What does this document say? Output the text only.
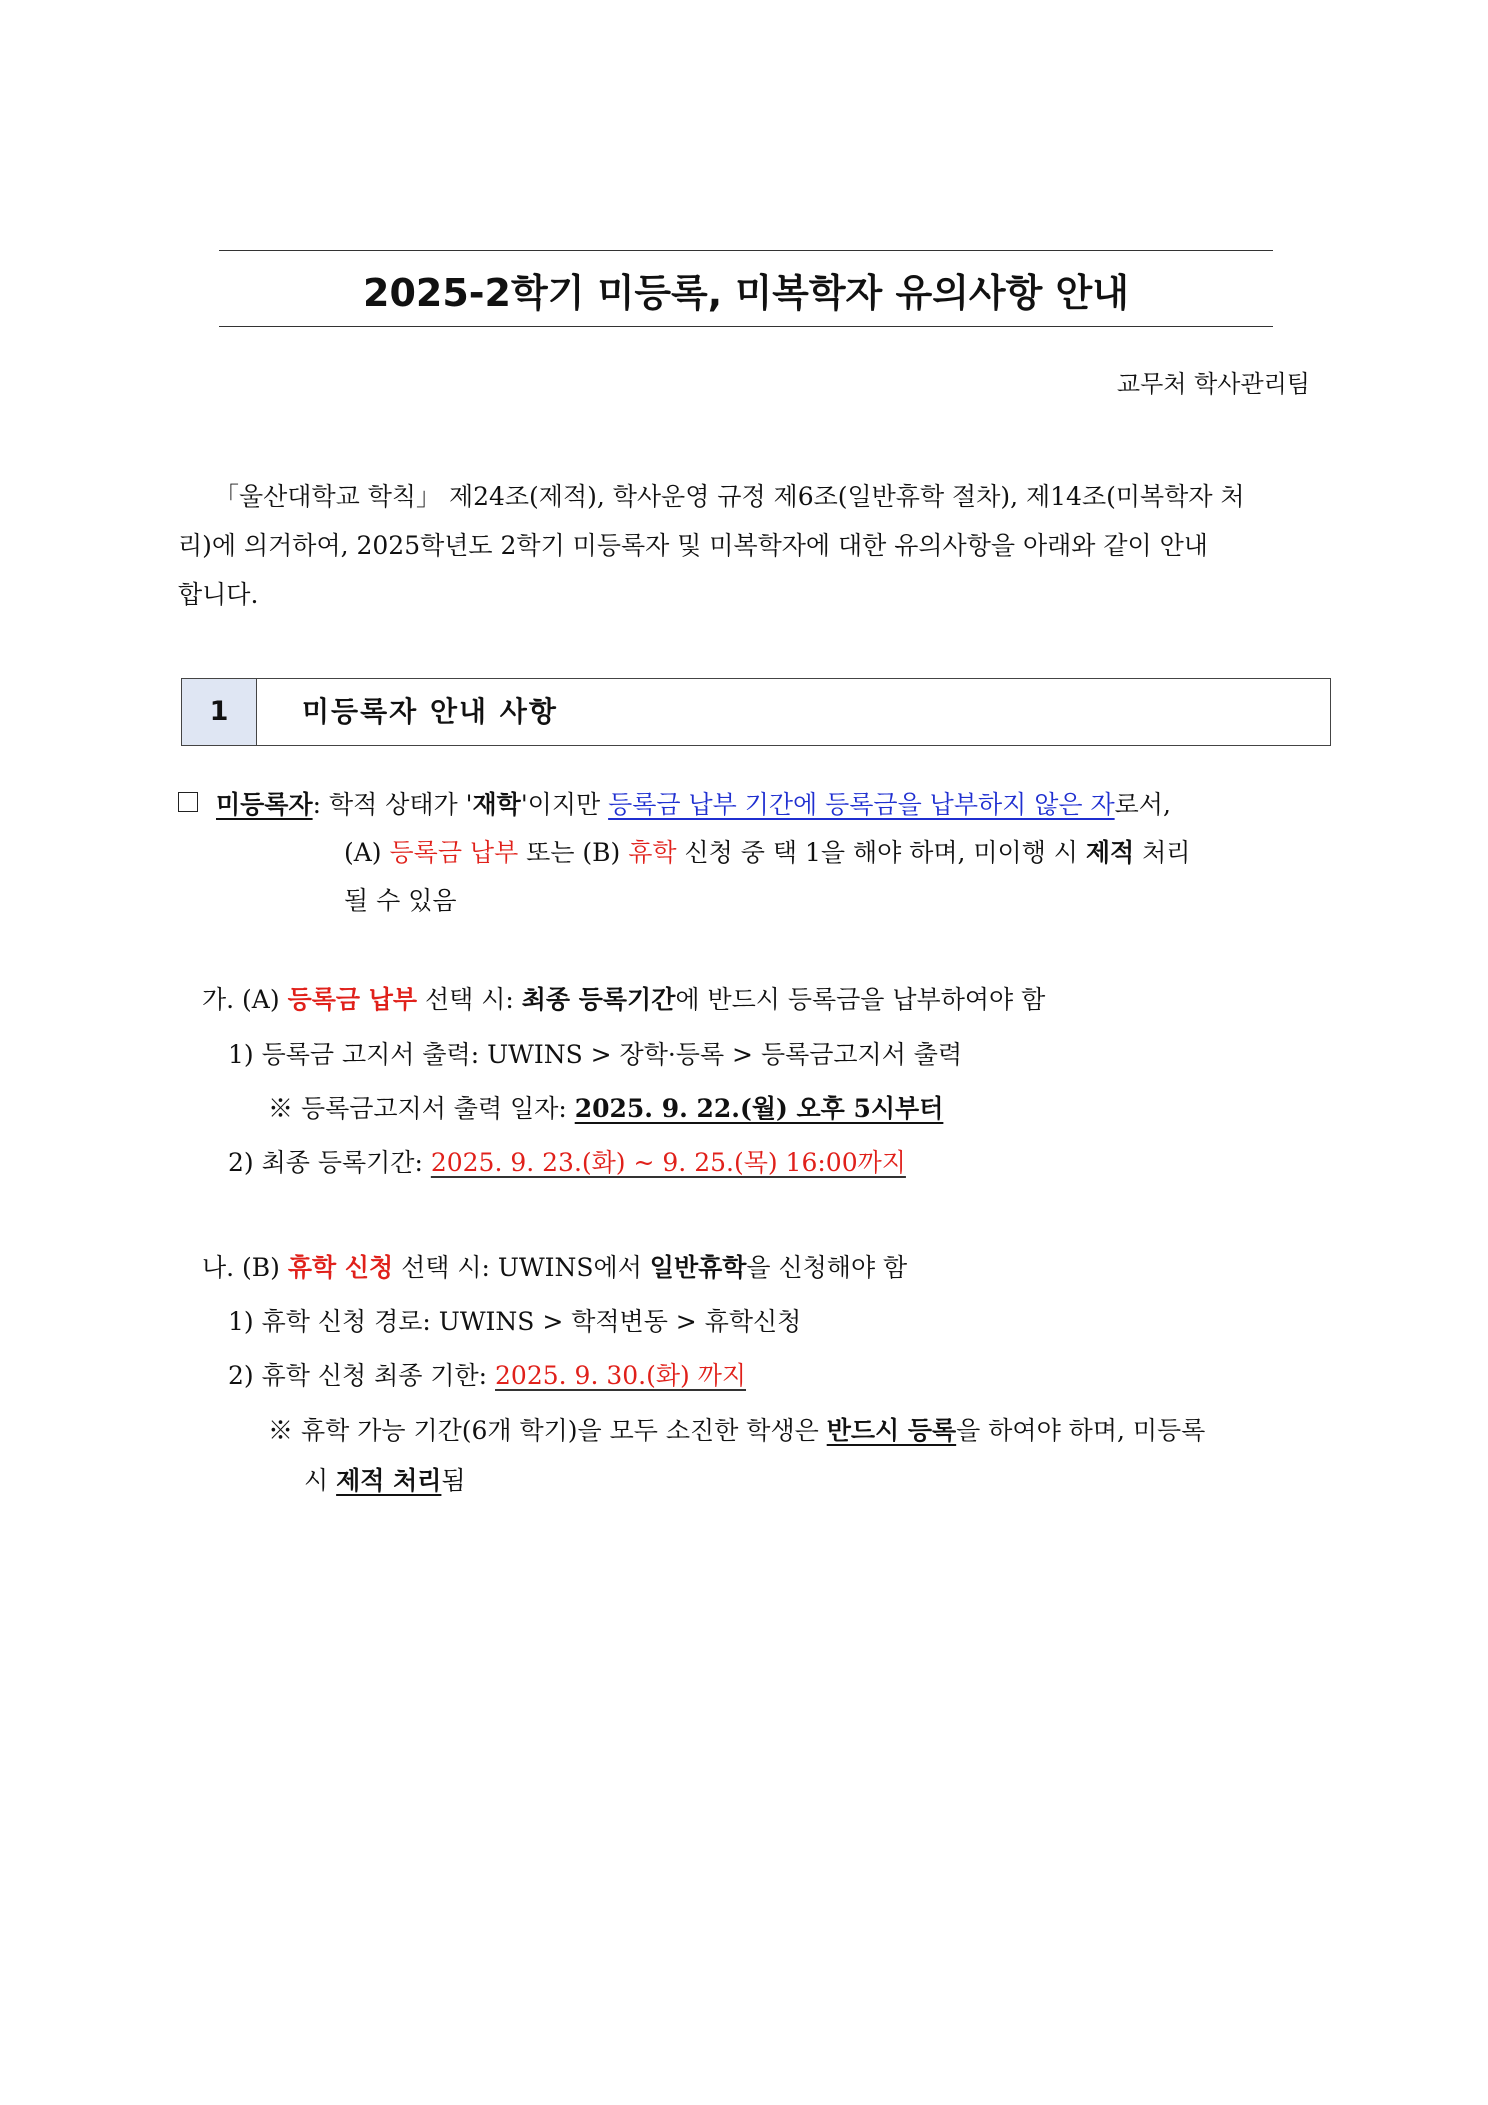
2025-2학기 미등록, 미복학자 유의사항 안내
교무처 학사관리팀
「울산대학교 학칙」 제24조(제적), 학사운영 규정 제6조(일반휴학 절차), 제14조(미복학자 처
리)에 의거하여, 2025학년도 2학기 미등록자 및 미복학자에 대한 유의사항을 아래와 같이 안내
합니다.
1	미등록자 안내 사항
미등록자: 학적 상태가 '재학'이지만 등록금 납부 기간에 등록금을 납부하지 않은 자로서,
(A) 등록금 납부 또는 (B) 휴학 신청 중 택 1을 해야 하며, 미이행 시 제적 처리
될 수 있음
가. (A) 등록금 납부 선택 시: 최종 등록기간에 반드시 등록금을 납부하여야 함
1) 등록금 고지서 출력: UWINS > 장학·등록 > 등록금고지서 출력
※ 등록금고지서 출력 일자: 2025. 9. 22.(월) 오후 5시부터
2) 최종 등록기간: 2025. 9. 23.(화) ~ 9. 25.(목) 16:00까지
나. (B) 휴학 신청 선택 시: UWINS에서 일반휴학을 신청해야 함
1) 휴학 신청 경로: UWINS > 학적변동 > 휴학신청
2) 휴학 신청 최종 기한: 2025. 9. 30.(화) 까지
※ 휴학 가능 기간(6개 학기)을 모두 소진한 학생은 반드시 등록을 하여야 하며, 미등록
시 제적 처리됨
